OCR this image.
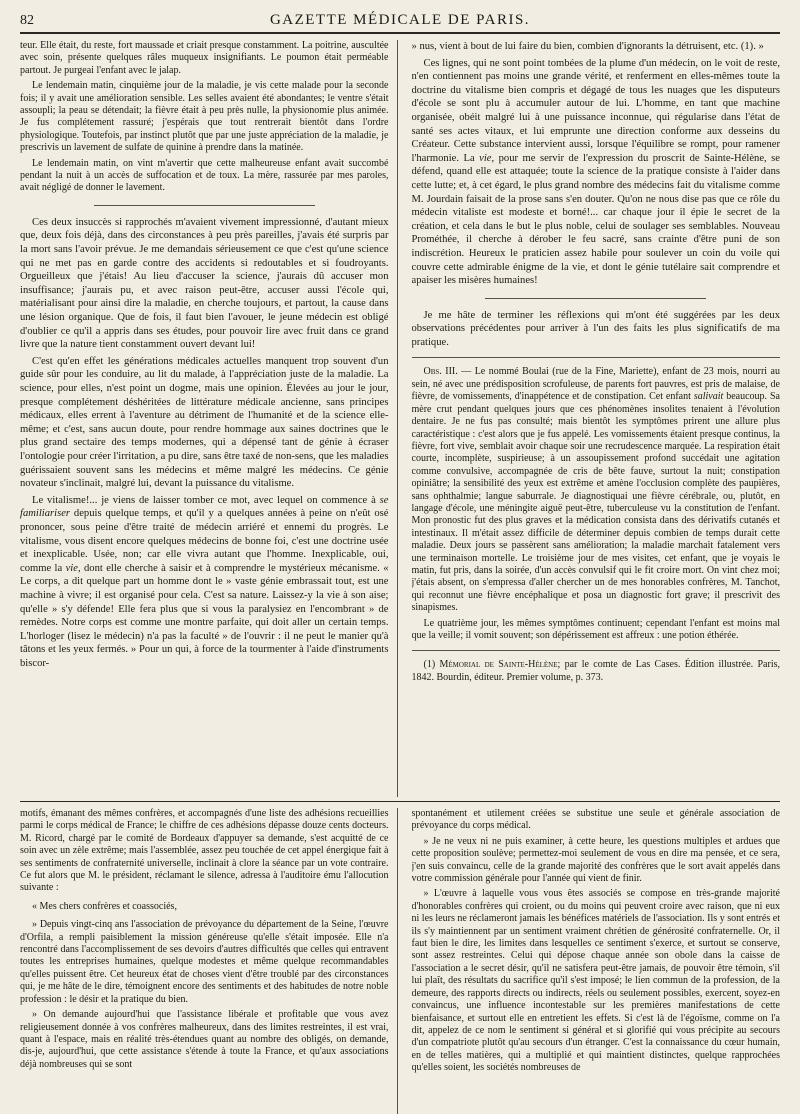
82	GAZETTE MÉDICALE DE PARIS.

teur. Elle était, du reste, fort maussade et criait presque constamment. La poitrine, auscultée avec soin, présente quelques râles muqueux insignifiants. Le poumon était perméable partout. Je purgeai l'enfant avec le jalap.

Le lendemain matin, cinquième jour de la maladie, je vis cette malade pour la seconde fois; il y avait une amélioration sensible. Les selles avaient été abondantes; le ventre s'était assoupli; la peau se détendait; la fièvre était à peu près nulle, la physionomie plus animée. Je fus complétement rassuré; j'espérais que tout rentrerait bientôt dans l'ordre physiologique. Toutefois, par instinct plutôt que par une juste appréciation de la maladie, je prescrivis un lavement de sulfate de quinine à prendre dans la matinée.

Le lendemain matin, on vint m'avertir que cette malheureuse enfant avait succombé pendant la nuit à un accès de suffocation et de toux. La mère, rassurée par mes paroles, avait négligé de donner le lavement.

Ces deux insuccès si rapprochés m'avaient vivement impressionné, d'autant mieux que, deux fois déjà, dans des circonstances à peu près pareilles, j'avais été surpris par la mort sans l'avoir prévue. Je me demandais sérieusement ce que c'est qu'une science qui ne met pas en garde contre des accidents si redoutables et si foudroyants. Orgueilleux que j'étais! Au lieu d'accuser la science, j'aurais dû accuser mon insuffisance; j'aurais pu, et avec raison peut-être, accuser aussi l'école qui, matérialisant pour ainsi dire la maladie, en cherche toujours, et partout, la cause dans une lésion organique. Que de fois, il faut bien l'avouer, le jeune médecin est obligé d'oublier ce qu'il a appris dans ses études, pour pouvoir lire avec fruit dans ce grand livre que la nature tient constamment ouvert devant lui!

C'est qu'en effet les générations médicales actuelles manquent trop souvent d'un guide sûr pour les conduire, au lit du malade, à l'appréciation juste de la maladie. La science, pour elles, n'est point un dogme, mais une opinion. Élevées au jour le jour, presque complétement déshéritées de littérature médicale ancienne, sans principes médicaux, elles errent à l'aventure au détriment de l'humanité et de la science elle-même; et c'est, sans aucun doute, pour rendre hommage aux saines doctrines que le plus grand sectaire des temps modernes, qui a dépensé tant de génie à écraser l'ontologie pour créer l'irritation, a pu dire, sans être taxé de non-sens, que les maladies guérissaient souvent sans les médecins et même malgré les médecins. Ce génie novateur s'inclinait, malgré lui, devant la puissance du vitalisme.

Le vitalisme!... je viens de laisser tomber ce mot, avec lequel on commence à se familiariser depuis quelque temps, et qu'il y a quelques années à peine on n'eût osé prononcer, sous peine d'être traité de médecin arriéré et ennemi du progrès. Le vitalisme, vous disent encore quelques médecins de bonne foi, c'est une doctrine usée et inexplicable. Usée, non; car elle vivra autant que l'homme. Inexplicable, oui, comme la vie, dont elle cherche à saisir et à comprendre le mystérieux mécanisme. « Le corps, a dit quelque part un homme dont le » vaste génie embrassait tout, est une machine à vivre; il est organisé pour cela. C'est sa nature. Laissez-y la vie à son aise; qu'elle » s'y défende! Elle fera plus que si vous la paralysiez en l'encombrant » de remèdes. Notre corps est comme une montre parfaite, qui doit aller un certain temps. L'horloger (lisez le médecin) n'a pas la faculté » de l'ouvrir : il ne peut le manier qu'à tâtons et les yeux fermés. » Pour un qui, à force de la tourmenter à l'aide d'instruments biscor-

» nus, vient à bout de lui faire du bien, combien d'ignorants la détruisent, etc. (1). »

Ces lignes, qui ne sont point tombées de la plume d'un médecin, on le voit de reste, n'en contiennent pas moins une grande vérité, et renferment en elles-mêmes toute la doctrine du vitalisme bien compris et dégagé de tous les nuages que les disputeurs d'école se sont plu à accumuler autour de lui. L'homme, en tant que machine organisée, obéit malgré lui à une puissance inconnue, qui régularise dans l'état de santé ses actes vitaux, et lui emprunte une direction conforme aux desseins du Créateur. Cette substance intervient aussi, lorsque l'équilibre se rompt, pour ramener l'harmonie. La vie, pour me servir de l'expression du proscrit de Sainte-Hélène, se défend, quand elle est attaquée; toute la science de la pratique consiste à l'aider dans cette lutte; et, à cet égard, le plus grand nombre des médecins fait du vitalisme comme M. Jourdain faisait de la prose sans s'en douter. Qu'on ne nous dise pas que ce rôle du médecin vitaliste est modeste et borné!... car chaque jour il épie le secret de la création, et cela dans le but le plus noble, celui de soulager ses semblables. Nouveau Prométhée, il cherche à dérober le feu sacré, sans crainte d'être puni de son indiscrétion. Heureux le praticien assez habile pour soulever un coin du voile qui couvre cette admirable énigme de la vie, et dont le génie tutélaire sait comprendre et apaiser les misères humaines!

Je me hâte de terminer les réflexions qui m'ont été suggérées par les deux observations précédentes pour arriver à l'un des faits les plus significatifs de ma pratique.

Obs. III. — Le nommé Boulai (rue de la Fine, Mariette), enfant de 23 mois, nourri au sein, né avec une prédisposition scrofuleuse, de parents fort pauvres, est pris de malaise, de fièvre, de vomissements, d'inappétence et de constipation. Cet enfant salivait beaucoup. Sa mère crut pendant quelques jours que ces phénomènes insolites tenaient à l'évolution dentaire. Je ne fus pas consulté; mais bientôt les symptômes prirent une allure plus caractéristique : c'est alors que je fus appelé. Les vomissements étaient presque continus, la fièvre, fort vive, semblait avoir chaque soir une recrudescence marquée. La respiration était courte, incomplète, suspirieuse; à un assoupissement profond succédait une agitation comme convulsive, accompagnée de cris de bête fauve, surtout la nuit; constipation opiniâtre; la sensibilité des yeux est extrême et amène l'occlusion complète des paupières, sans ophthalmie; langue saburrale. Je diagnostiquai une fièvre cérébrale, ou, plutôt, en langage d'école, une méningite aiguë peut-être, tuberculeuse vu la constitution de l'enfant. Mon pronostic fut des plus graves et la médication consista dans des dérivatifs cutanés et intestinaux. Il m'était assez difficile de déterminer depuis combien de temps durait cette maladie. Deux jours se passèrent sans amélioration; la maladie marchait fatalement vers une terminaison mortelle. Le troisième jour de mes visites, cet enfant, que je voyais le matin, fut pris, dans la soirée, d'un accès convulsif qui le fit croire mort. On vint chez moi; j'étais absent, on s'empressa d'aller chercher un de mes honorables confrères, M. Tanchot, qui reconnut une fièvre encéphalique et posa un diagnostic fort grave; il prescrivit des sinapismes.

Le quatrième jour, les mêmes symptômes continuent; cependant l'enfant est moins mal que la veille; il vomit souvent; son dépérissement est affreux : une potion éthérée.

(1) Mémorial de Sainte-Hélène; par le comte de Las Cases. Édition illustrée. Paris, 1842. Bourdin, éditeur. Premier volume, p. 373.

motifs, émanant des mêmes confrères, et accompagnés d'une liste des adhésions recueillies parmi le corps médical de France; le chiffre de ces adhésions dépasse douze cents docteurs. M. Ricord, chargé par le comité de Bordeaux d'appuyer sa demande, s'est acquitté de ce soin avec un zèle extrême; mais l'assemblée, assez peu touchée de cet appel énergique fait à ses sentiments de confraternité universelle, inclinait à clore la séance par un vote contraire. Ce fut alors que M. le président, réclamant le silence, adressa à l'auditoire ému l'allocution suivante :

« Mes chers confrères et coassociés,

» Depuis vingt-cinq ans l'association de prévoyance du département de la Seine, l'œuvre d'Orfila, a rempli paisiblement la mission généreuse qu'elle s'était imposée. Elle n'a rencontré dans l'accomplissement de ses devoirs d'autres difficultés que celles qui entravent toutes les entreprises humaines, quelque modestes et même quelque recommandables qu'elles puissent être. Cet heureux état de choses vient d'être troublé par des circonstances qui, je me hâte de le dire, témoignent encore des sentiments et des habitudes de notre noble profession : le désir et la pratique du bien.

» On demande aujourd'hui que l'assistance libérale et profitable que vous avez religieusement donnée à vos confrères malheureux, dans des limites restreintes, il est vrai, quant à l'espace, mais en réalité très-étendues quant au nombre des obligés, on demande, dis-je, aujourd'hui, que cette assistance s'étende à toute la France, et qu'aux associations déjà nombreuses qui se sont

spontanément et utilement créées se substitue une seule et générale association de prévoyance du corps médical.

» Je ne veux ni ne puis examiner, à cette heure, les questions multiples et ardues que cette proposition soulève; permettez-moi seulement de vous en dire ma pensée, et ce sera, j'en suis convaincu, celle de la grande majorité des confrères que le sort avait appelés dans votre commission générale pour l'année qui vient de finir.

» L'œuvre à laquelle vous vous êtes associés se compose en très-grande majorité d'honorables confrères qui croient, ou du moins qui peuvent croire avec raison, que ni eux ni les leurs ne réclameront jamais les bénéfices matériels de l'association. Ils y sont entrés et ils s'y maintiennent par un sentiment vraiment chrétien de générosité confraternelle. Or, il faut bien le dire, les limites dans lesquelles ce sentiment s'exerce, et surtout se conserve, sont assez restreintes. Celui qui dépose chaque année son obole dans la caisse de l'association a le secret désir, qu'il ne satisfera peut-être jamais, de pouvoir être témoin, s'il lui plaît, des résultats du sacrifice qu'il s'est imposé; le lien commun de la profession, de la demeure, des rapports directs ou indirects, réels ou seulement possibles, exercent, soyez-en convaincus, une influence incontestable sur les premières manifestations de cette bienfaisance, et surtout elle en entretient les effets. Si c'est là de l'égoïsme, comme on l'a dit, appelez de ce nom le sentiment si général et si glorifié qui vous précipite au secours d'un compatriote plutôt qu'au secours d'un étranger. C'est la connaissance du cœur humain, en de telles matières, qui a multiplié et qui maintient distinctes, quelque rapprochées qu'elles soient, les sociétés nombreuses de
